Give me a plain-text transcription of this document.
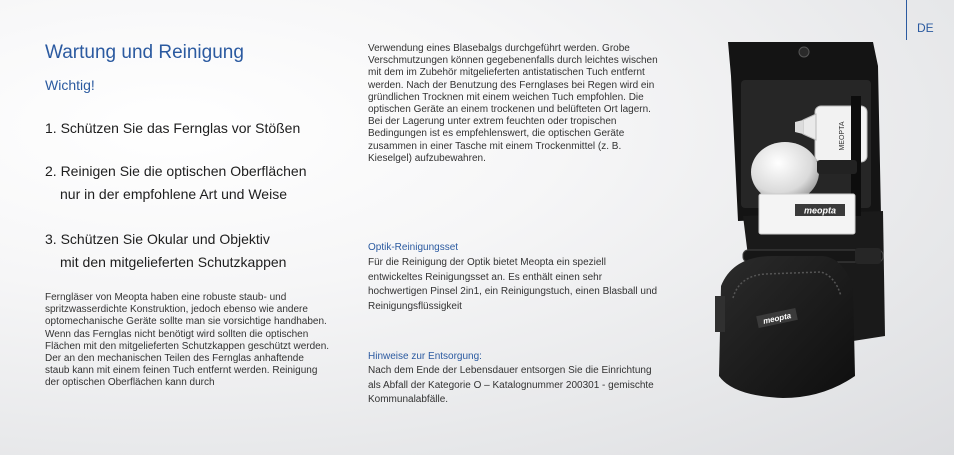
DE
Wartung und Reinigung
Wichtig!
1. Schützen Sie das Fernglas vor Stößen
2. Reinigen Sie die optischen Oberflächen
nur in der empfohlene Art und Weise
3. Schützen Sie Okular und Objektiv
mit den mitgelieferten Schutzkappen
Ferngläser von Meopta haben eine robuste staub- und spritzwasserdichte Konstruktion, jedoch ebenso wie andere optomechanische Geräte sollte man sie vorsichtige handhaben. Wenn das Fernglas nicht benötigt wird sollten die optischen Flächen mit den mitgelieferten Schutzkappen geschützt werden. Der an den mechanischen Teilen des Fernglas anhaftende staub kann mit einem feinen Tuch entfernt werden. Reinigung der optischen Oberflächen kann durch
Verwendung eines Blasebalgs durchgeführt werden. Grobe Verschmutzungen können gegebenenfalls durch leichtes wischen mit dem im Zubehör mitgelieferten antistatischen Tuch entfernt werden. Nach der Benutzung des Fernglases bei Regen wird ein gründlichen Trocknen mit einem weichen Tuch empfohlen. Die optischen Geräte an einem trockenen und belüfteten Ort lagern. Bei der Lagerung unter extrem feuchten oder tropischen Bedingungen ist es empfehlenswert, die optischen Geräte zusammen in einer Tasche mit einem Trockenmittel (z. B. Kieselgel) aufzubewahren.
Optik-Reinigungsset
Für die Reinigung der Optik bietet Meopta ein speziell entwickeltes Reinigungsset an. Es enthält einen sehr hochwertigen Pinsel 2in1, ein Reinigungstuch, einen Blasball und Reinigungsflüssigkeit
Hinweise zur Entsorgung:
Nach dem Ende der Lebensdauer entsorgen Sie die Einrichtung als Abfall der Kategorie O – Katalognummer 200301 - gemischte Kommunalabfälle.
MEOPTA
meopta
meopta
